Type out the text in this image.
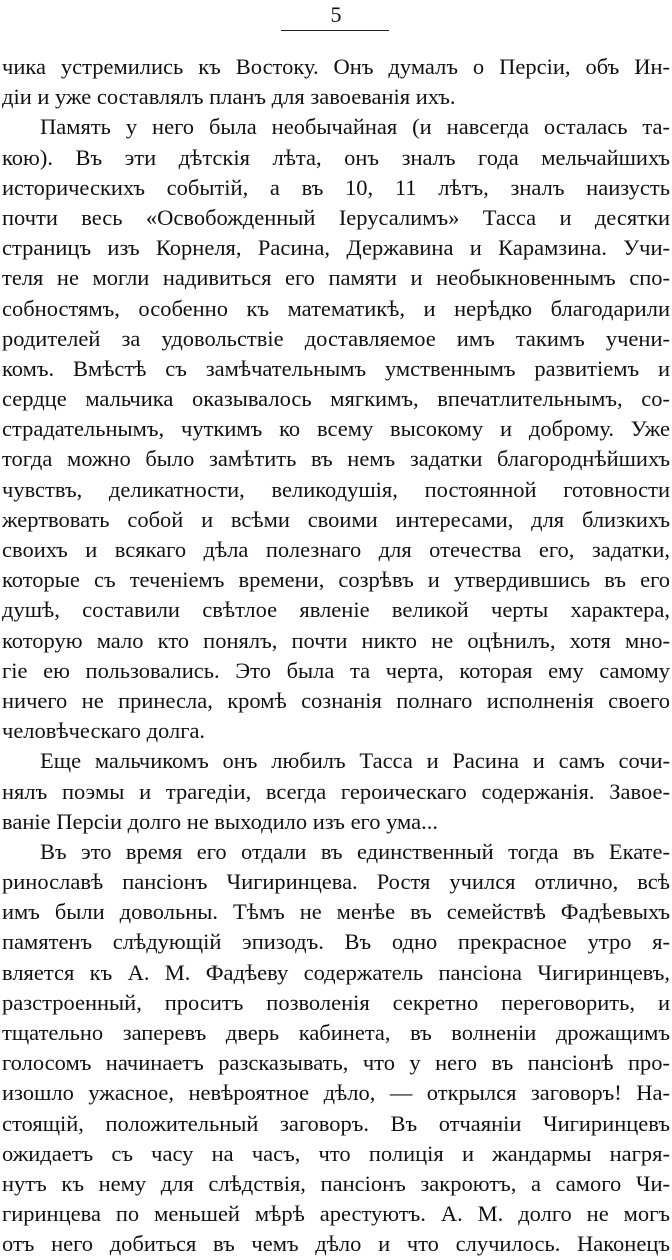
5
чика устремились къ Востоку. Онъ думалъ о Персіи, объ Ин-
діи и уже составлялъ планъ для завоеванія ихъ.
Память у него была необычайная (и навсегда осталась та-
кою). Въ эти дѣтскія лѣта, онъ зналъ года мельчайшихъ
историческихъ событій, а въ 10, 11 лѣтъ, зналъ наизусть
почти весь «Освобожденный Іерусалимъ» Тасса и десятки
страницъ изъ Корнеля, Расина, Державина и Карамзина. Учи-
теля не могли надивиться его памяти и необыкновеннымъ спо-
собностямъ, особенно къ математикѣ, и нерѣдко благодарили
родителей за удовольствіе доставляемое имъ такимъ учени-
комъ. Вмѣстѣ съ замѣчательнымъ умственнымъ развитіемъ и
сердце мальчика оказывалось мягкимъ, впечатлительнымъ, со-
страдательнымъ, чуткимъ ко всему высокому и доброму. Уже
тогда можно было замѣтить въ немъ задатки благороднѣйшихъ
чувствъ, деликатности, великодушія, постоянной готовности
жертвовать собой и всѣми своими интересами, для близкихъ
своихъ и всякаго дѣла полезнаго для отечества его, задатки,
которые съ теченіемъ времени, созрѣвъ и утвердившись въ его
душѣ, составили свѣтлое явленіе великой черты характера,
которую мало кто понялъ, почти никто не оцѣнилъ, хотя мно-
гіе ею пользовались. Это была та черта, которая ему самому
ничего не принесла, кромѣ сознанія полнаго исполненія своего
человѣческаго долга.
Еще мальчикомъ онъ любилъ Тасса и Расина и самъ сочи-
нялъ поэмы и трагедіи, всегда героическаго содержанія. Завое-
ваніе Персіи долго не выходило изъ его ума...
Въ это время его отдали въ единственный тогда въ Екате-
ринославѣ пансіонъ Чигиринцева. Ростя учился отлично, всѣ
имъ были довольны. Тѣмъ не менѣе въ семействѣ Фадѣевыхъ
памятенъ слѣдующій эпизодъ. Въ одно прекрасное утро я-
вляется къ А. М. Фадѣеву содержатель пансіона Чигиринцевъ,
разстроенный, проситъ позволенія секретно переговорить, и
тщательно заперевъ дверь кабинета, въ волненіи дрожащимъ
голосомъ начинаетъ разсказывать, что у него въ пансіонѣ про-
изошло ужасное, невѣроятное дѣло, — открылся заговоръ! На-
стоящій, положительный заговоръ. Въ отчаяніи Чигиринцевъ
ожидаетъ съ часу на часъ, что полиція и жандармы нагря-
нутъ къ нему для слѣдствія, пансіонъ закроютъ, а самого Чи-
гиринцева по меньшей мѣрѣ арестуютъ. А. М. долго не могъ
отъ него добиться въ чемъ дѣло и что случилось. Наконецъ
